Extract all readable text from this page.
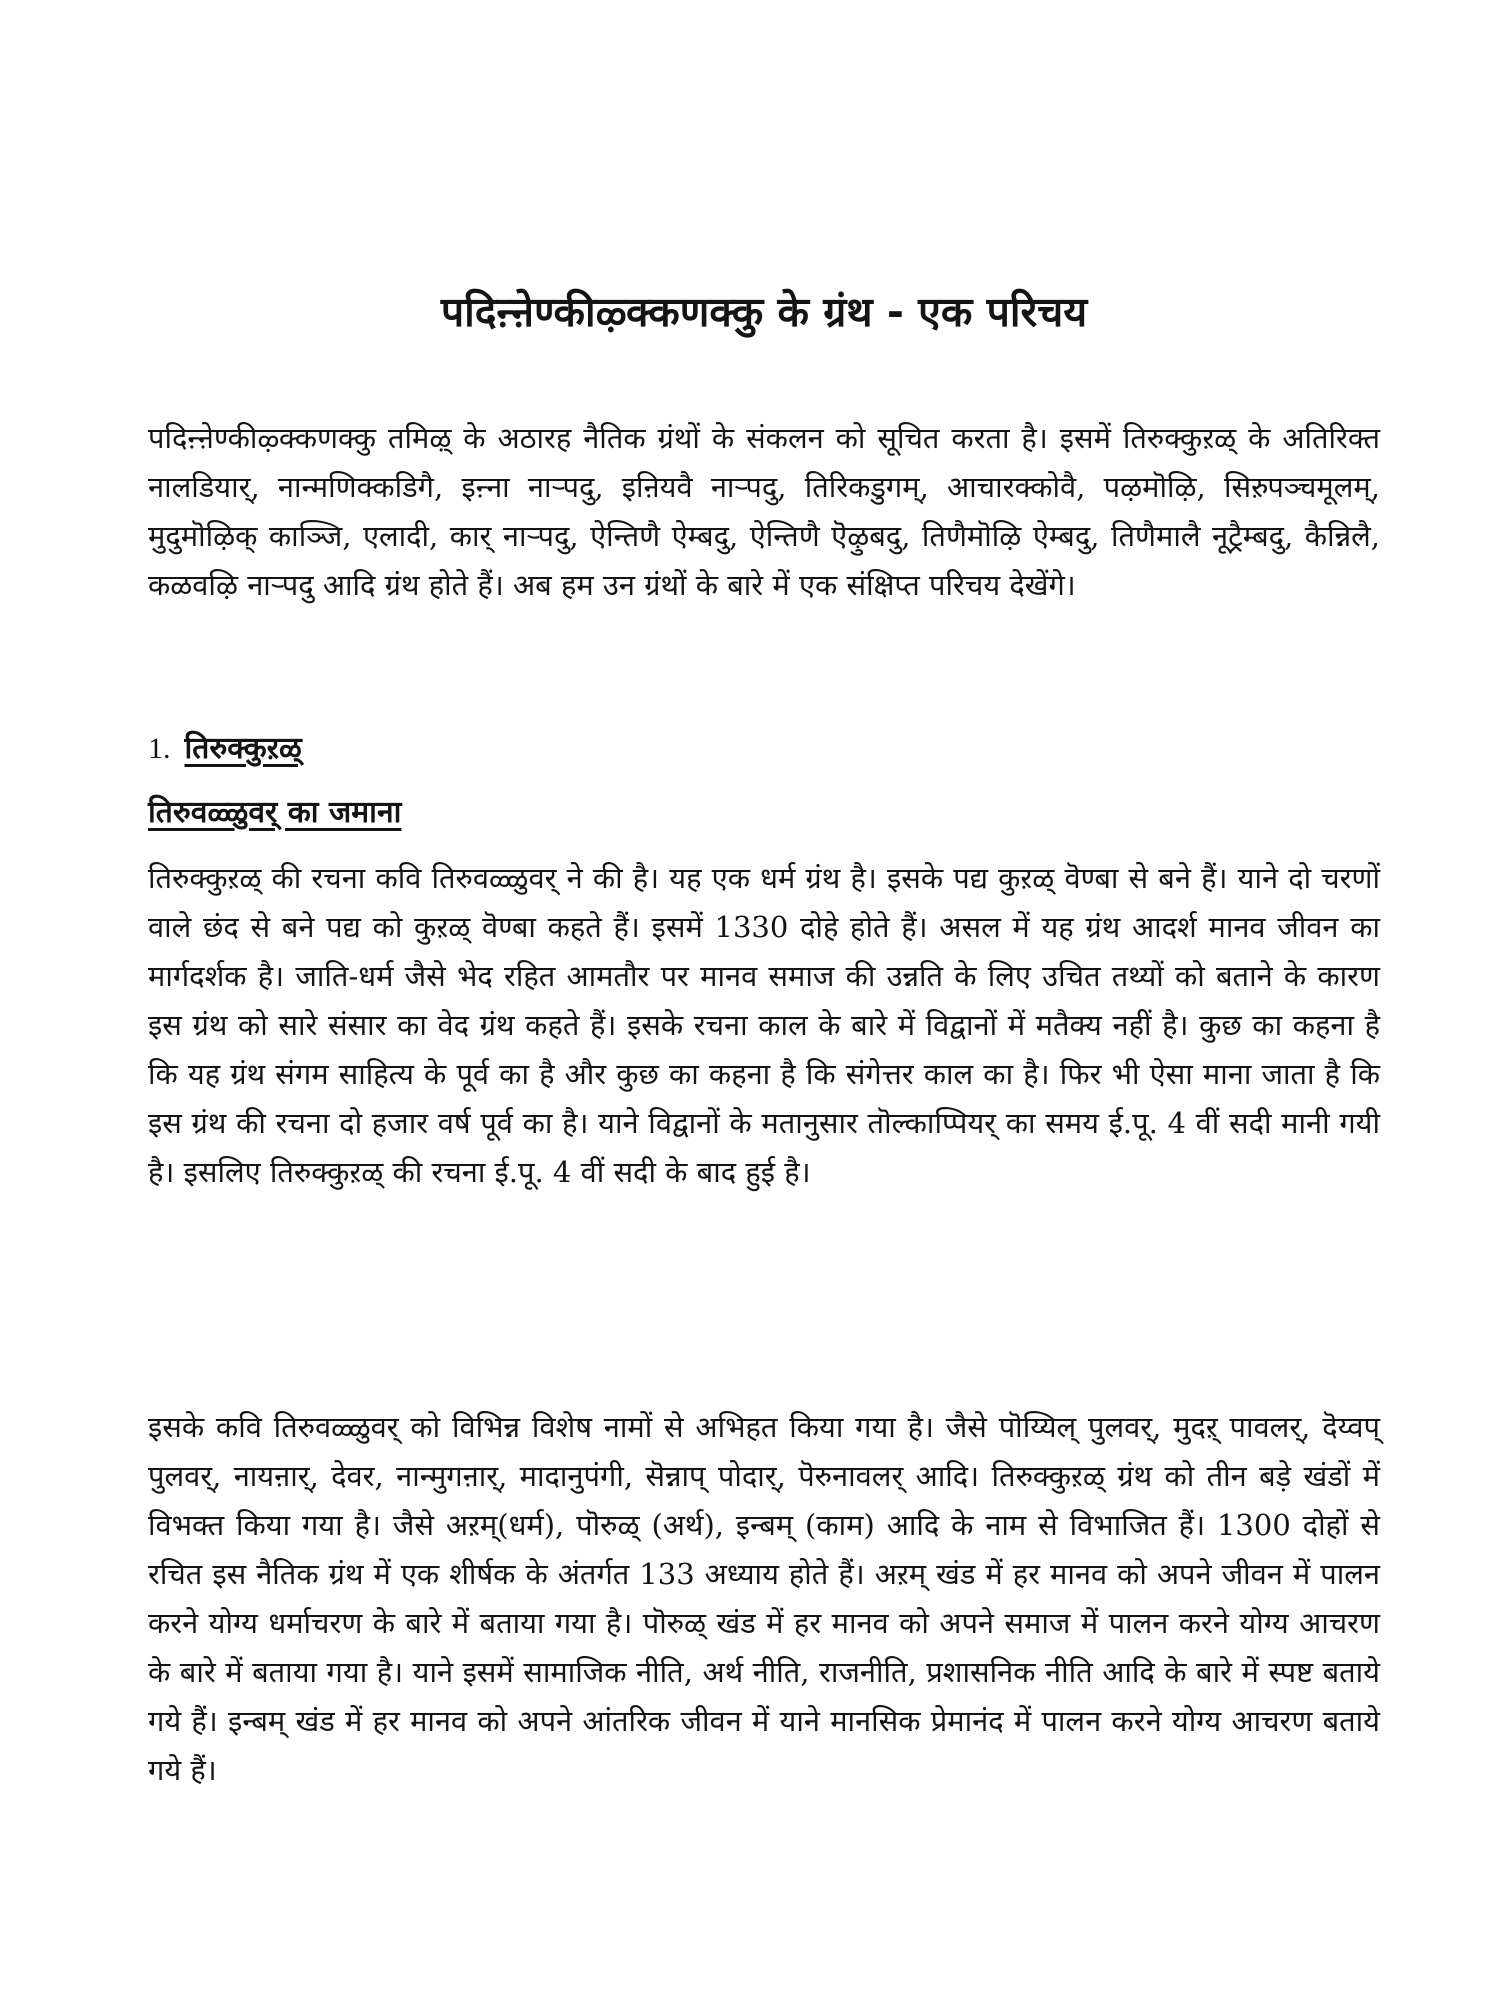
पदिऩ्ऩेण्कीऴ्क्कणक्कु के ग्रंथ - एक परिचय

पदिऩ्ऩेण्कीऴ्क्कणक्कु तमिऴ् के अठारह नैतिक ग्रंथों के संकलन को सूचित करता है। इसमें तिरुक्कुऱळ् के अतिरिक्त नालडियार्, नान्मणिक्कडिगै, इऩ्ना नाऱ्पदु, इऩियवै नाऱ्पदु, तिरिकडुगम्, आचारक्कोवै, पऴमॊऴि, सिऱुपञ्चमूलम्, मुदुमॊऴिक् काञ्जि, एलादी, कार् नाऱ्पदु, ऐन्तिणै ऐम्बदु, ऐन्तिणै ऎऴुबदु, तिणैमॊऴि ऐम्बदु, तिणैमालै नूट्रैम्बदु, कैन्निलै, कळवऴि नाऱ्पदु आदि ग्रंथ होते हैं। अब हम उन ग्रंथों के बारे में एक संक्षिप्त परिचय देखेंगे।

1. तिरुक्कुऱळ्
तिरुवळ्ळुवर् का जमाना

तिरुक्कुऱळ् की रचना कवि तिरुवळ्ळुवर् ने की है। यह एक धर्म ग्रंथ है। इसके पद्य कुऱळ् वॆण्बा से बने हैं। याने दो चरणों वाले छंद से बने पद्य को कुऱळ् वॆण्बा कहते हैं। इसमें 1330 दोहे होते हैं। असल में यह ग्रंथ आदर्श मानव जीवन का मार्गदर्शक है। जाति-धर्म जैसे भेद रहित आमतौर पर मानव समाज की उन्नति के लिए उचित तथ्यों को बताने के कारण इस ग्रंथ को सारे संसार का वेद ग्रंथ कहते हैं। इसके रचना काल के बारे में विद्वानों में मतैक्य नहीं है। कुछ का कहना है कि यह ग्रंथ संगम साहित्य के पूर्व का है और कुछ का कहना है कि संगेत्तर काल का है। फिर भी ऐसा माना जाता है कि इस ग्रंथ की रचना दो हजार वर्ष पूर्व का है। याने विद्वानों के मतानुसार तॊल्काप्पियर् का समय ई.पू. 4 वीं सदी मानी गयी है। इसलिए तिरुक्कुऱळ् की रचना ई.पू. 4 वीं सदी के बाद हुई है।

इसके कवि तिरुवळ्ळुवर् को विभिन्न विशेष नामों से अभिहत किया गया है। जैसे पॊय्यिल् पुलवर्, मुदऱ् पावलर्, दॆय्वप् पुलवर्, नायऩार्, देवर, नान्मुगऩार्, मादानुपंगी, सॆन्नाप् पोदार्, पॆरुनावलर् आदि। तिरुक्कुऱळ् ग्रंथ को तीन बड़े खंडों में विभक्त किया गया है। जैसे अऱम्(धर्म), पॊरुळ् (अर्थ), इन्बम् (काम) आदि के नाम से विभाजित हैं। 1300 दोहों से रचित इस नैतिक ग्रंथ में एक शीर्षक के अंतर्गत 133 अध्याय होते हैं। अऱम् खंड में हर मानव को अपने जीवन में पालन करने योग्य धर्माचरण के बारे में बताया गया है। पॊरुळ् खंड में हर मानव को अपने समाज में पालन करने योग्य आचरण के बारे में बताया गया है। याने इसमें सामाजिक नीति, अर्थ नीति, राजनीति, प्रशासनिक नीति आदि के बारे में स्पष्ट बताये गये हैं। इन्बम् खंड में हर मानव को अपने आंतरिक जीवन में याने मानसिक प्रेमानंद में पालन करने योग्य आचरण बताये गये हैं।
